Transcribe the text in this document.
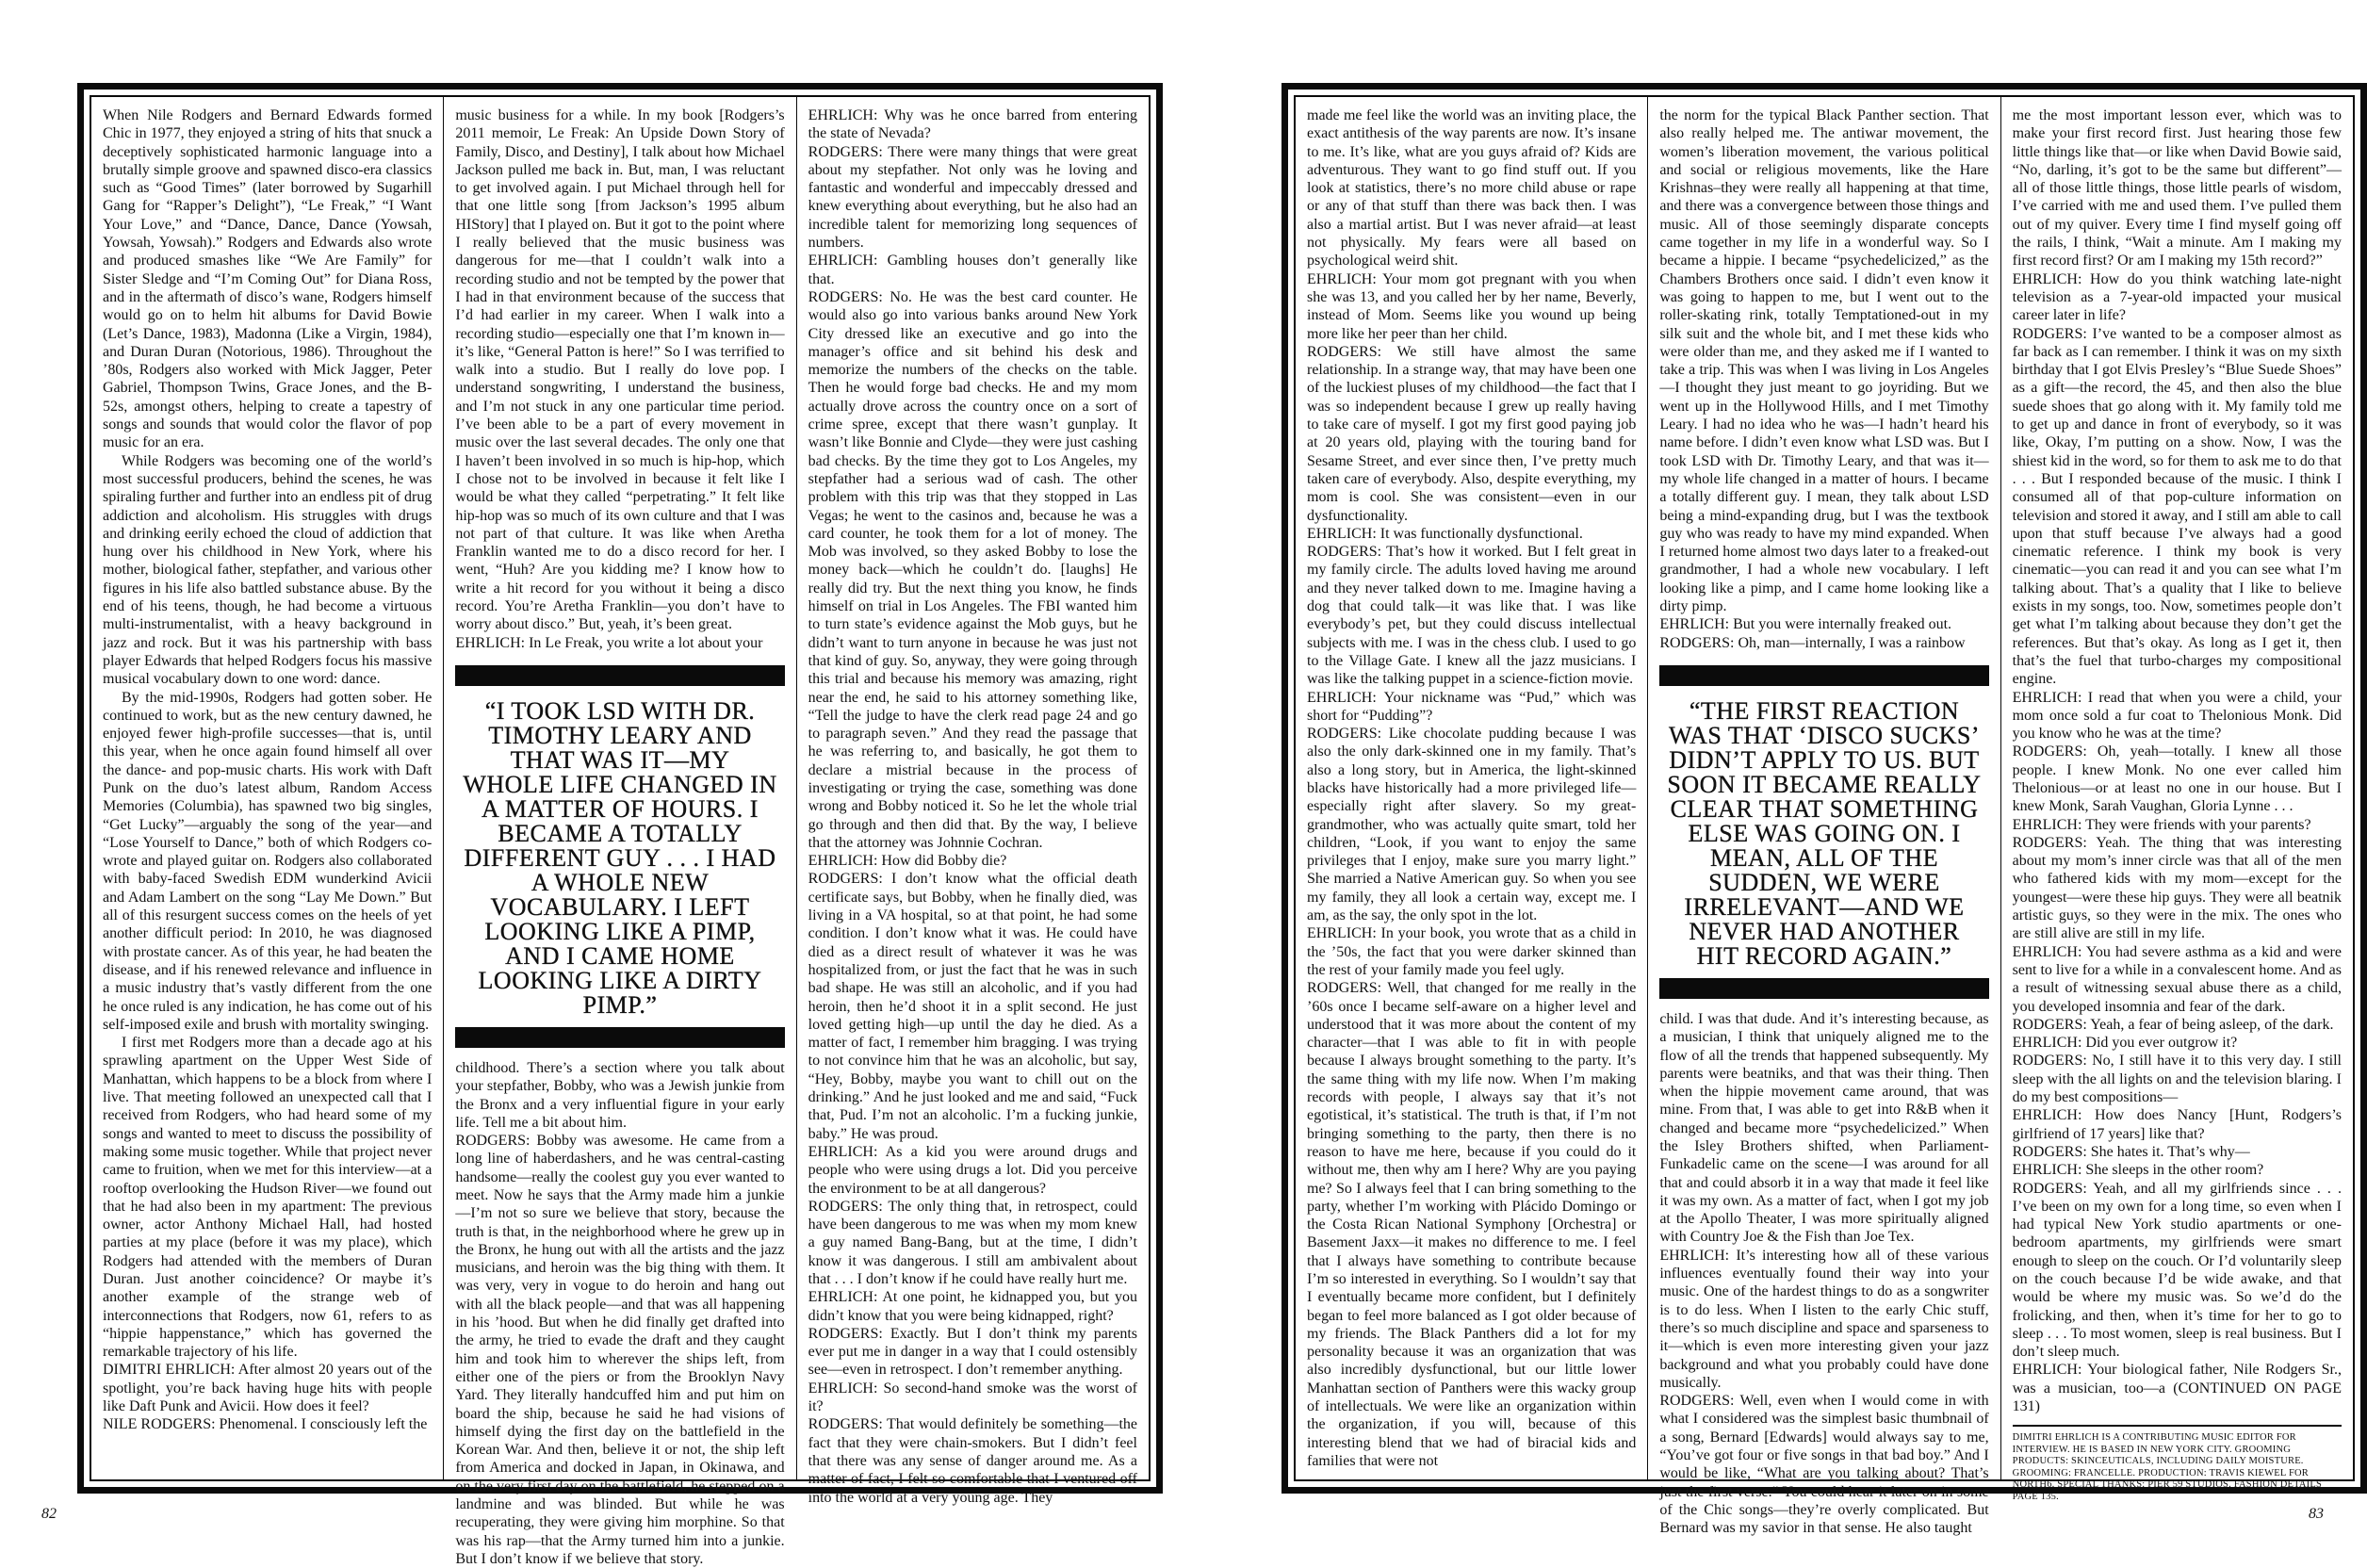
When Nile Rodgers and Bernard Edwards formed Chic in 1977, they enjoyed a string of hits that snuck a deceptively sophisticated harmonic language into a brutally simple groove and spawned disco-era classics such as “Good Times” (later borrowed by Sugarhill Gang for “Rapper’s Delight”), “Le Freak,” “I Want Your Love,” and “Dance, Dance, Dance (Yowsah, Yowsah, Yowsah).” Rodgers and Edwards also wrote and produced smashes like “We Are Family” for Sister Sledge and “I’m Coming Out” for Diana Ross, and in the aftermath of disco’s wane, Rodgers himself would go on to helm hit albums for David Bowie (Let’s Dance, 1983), Madonna (Like a Virgin, 1984), and Duran Duran (Notorious, 1986). Throughout the ’80s, Rodgers also worked with Mick Jagger, Peter Gabriel, Thompson Twins, Grace Jones, and the B-52s, amongst others, helping to create a tapestry of songs and sounds that would color the flavor of pop music for an era.

While Rodgers was becoming one of the world’s most successful producers, behind the scenes, he was spiraling further and further into an endless pit of drug addiction and alcoholism. His struggles with drugs and drinking eerily echoed the cloud of addiction that hung over his childhood in New York, where his mother, biological father, stepfather, and various other figures in his life also battled substance abuse. By the end of his teens, though, he had become a virtuous multi-instrumentalist, with a heavy background in jazz and rock. But it was his partnership with bass player Edwards that helped Rodgers focus his massive musical vocabulary down to one word: dance.

By the mid-1990s, Rodgers had gotten sober. He continued to work, but as the new century dawned, he enjoyed fewer high-profile successes—that is, until this year, when he once again found himself all over the dance- and pop-music charts. His work with Daft Punk on the duo’s latest album, Random Access Memories (Columbia), has spawned two big singles, “Get Lucky”—arguably the song of the year—and “Lose Yourself to Dance,” both of which Rodgers co-wrote and played guitar on. Rodgers also collaborated with baby-faced Swedish EDM wunderkind Avicii and Adam Lambert on the song “Lay Me Down.” But all of this resurgent success comes on the heels of yet another difficult period: In 2010, he was diagnosed with prostate cancer. As of this year, he had beaten the disease, and if his renewed relevance and influence in a music industry that’s vastly different from the one he once ruled is any indication, he has come out of his self-imposed exile and brush with mortality swinging.

I first met Rodgers more than a decade ago at his sprawling apartment on the Upper West Side of Manhattan, which happens to be a block from where I live. That meeting followed an unexpected call that I received from Rodgers, who had heard some of my songs and wanted to meet to discuss the possibility of making some music together. While that project never came to fruition, when we met for this interview—at a rooftop overlooking the Hudson River—we found out that he had also been in my apartment: The previous owner, actor Anthony Michael Hall, had hosted parties at my place (before it was my place), which Rodgers had attended with the members of Duran Duran. Just another coincidence? Or maybe it’s another example of the strange web of interconnections that Rodgers, now 61, refers to as “hippie happenstance,” which has governed the remarkable trajectory of his life.

DIMITRI EHRLICH: After almost 20 years out of the spotlight, you’re back having huge hits with people like Daft Punk and Avicii. How does it feel?

NILE RODGERS: Phenomenal. I consciously left the

music business for a while. In my book [Rodgers’s 2011 memoir, Le Freak: An Upside Down Story of Family, Disco, and Destiny], I talk about how Michael Jackson pulled me back in. But, man, I was reluctant to get involved again. I put Michael through hell for that one little song [from Jackson’s 1995 album HIStory] that I played on. But it got to the point where I really believed that the music business was dangerous for me—that I couldn’t walk into a recording studio and not be tempted by the power that I had in that environment because of the success that I’d had earlier in my career. When I walk into a recording studio—especially one that I’m known in—it’s like, “General Patton is here!” So I was terrified to walk into a studio. But I really do love pop. I understand songwriting, I understand the business, and I’m not stuck in any one particular time period. I’ve been able to be a part of every movement in music over the last several decades. The only one that I haven’t been involved in so much is hip-hop, which I chose not to be involved in because it felt like I would be what they called “perpetrating.” It felt like hip-hop was so much of its own culture and that I was not part of that culture. It was like when Aretha Franklin wanted me to do a disco record for her. I went, “Huh? Are you kidding me? I know how to write a hit record for you without it being a disco record. You’re Aretha Franklin—you don’t have to worry about disco.” But, yeah, it’s been great.

EHRLICH: In Le Freak, you write a lot about your

“I TOOK LSD WITH DR. TIMOTHY LEARY AND THAT WAS IT—MY WHOLE LIFE CHANGED IN A MATTER OF HOURS. I BECAME A TOTALLY DIFFERENT GUY . . . I HAD A WHOLE NEW VOCABULARY. I LEFT LOOKING LIKE A PIMP, AND I CAME HOME LOOKING LIKE A DIRTY PIMP.”

childhood. There’s a section where you talk about your stepfather, Bobby, who was a Jewish junkie from the Bronx and a very influential figure in your early life. Tell me a bit about him.

RODGERS: Bobby was awesome. He came from a long line of haberdashers, and he was central-casting handsome—really the coolest guy you ever wanted to meet. Now he says that the Army made him a junkie—I’m not so sure we believe that story, because the truth is that, in the neighborhood where he grew up in the Bronx, he hung out with all the artists and the jazz musicians, and heroin was the big thing with them. It was very, very in vogue to do heroin and hang out with all the black people—and that was all happening in his ’hood. But when he did finally get drafted into the army, he tried to evade the draft and they caught him and took him to wherever the ships left, from either one of the piers or from the Brooklyn Navy Yard. They literally handcuffed him and put him on board the ship, because he said he had visions of himself dying the first day on the battlefield in the Korean War. And then, believe it or not, the ship left from America and docked in Japan, in Okinawa, and on the very first day on the battlefield, he stepped on a landmine and was blinded. But while he was recuperating, they were giving him morphine. So that was his rap—that the Army turned him into a junkie. But I don’t know if we believe that story.

EHRLICH: Why was he once barred from entering the state of Nevada?

RODGERS: There were many things that were great about my stepfather. Not only was he loving and fantastic and wonderful and impeccably dressed and knew everything about everything, but he also had an incredible talent for memorizing long sequences of numbers.

EHRLICH: Gambling houses don’t generally like that.

RODGERS: No. He was the best card counter. He would also go into various banks around New York City dressed like an executive and go into the manager’s office and sit behind his desk and memorize the numbers of the checks on the table. Then he would forge bad checks. He and my mom actually drove across the country once on a sort of crime spree, except that there wasn’t gunplay. It wasn’t like Bonnie and Clyde—they were just cashing bad checks. By the time they got to Los Angeles, my stepfather had a serious wad of cash. The other problem with this trip was that they stopped in Las Vegas; he went to the casinos and, because he was a card counter, he took them for a lot of money. The Mob was involved, so they asked Bobby to lose the money back—which he couldn’t do. [laughs] He really did try. But the next thing you know, he finds himself on trial in Los Angeles. The FBI wanted him to turn state’s evidence against the Mob guys, but he didn’t want to turn anyone in because he was just not that kind of guy. So, anyway, they were going through this trial and because his memory was amazing, right near the end, he said to his attorney something like, “Tell the judge to have the clerk read page 24 and go to paragraph seven.” And they read the passage that he was referring to, and basically, he got them to declare a mistrial because in the process of investigating or trying the case, something was done wrong and Bobby noticed it. So he let the whole trial go through and then did that. By the way, I believe that the attorney was Johnnie Cochran.

EHRLICH: How did Bobby die?

RODGERS: I don’t know what the official death certificate says, but Bobby, when he finally died, was living in a VA hospital, so at that point, he had some condition. I don’t know what it was. He could have died as a direct result of whatever it was he was hospitalized from, or just the fact that he was in such bad shape. He was still an alcoholic, and if you had heroin, then he’d shoot it in a split second. He just loved getting high—up until the day he died. As a matter of fact, I remember him bragging. I was trying to not convince him that he was an alcoholic, but say, “Hey, Bobby, maybe you want to chill out on the drinking.” And he just looked and me and said, “Fuck that, Pud. I’m not an alcoholic. I’m a fucking junkie, baby.” He was proud.

EHRLICH: As a kid you were around drugs and people who were using drugs a lot. Did you perceive the environment to be at all dangerous?

RODGERS: The only thing that, in retrospect, could have been dangerous to me was when my mom knew a guy named Bang-Bang, but at the time, I didn’t know it was dangerous. I still am ambivalent about that . . . I don’t know if he could have really hurt me.

EHRLICH: At one point, he kidnapped you, but you didn’t know that you were being kidnapped, right?

RODGERS: Exactly. But I don’t think my parents ever put me in danger in a way that I could ostensibly see—even in retrospect. I don’t remember anything.

EHRLICH: So second-hand smoke was the worst of it?

RODGERS: That would definitely be something—the fact that they were chain-smokers. But I didn’t feel that there was any sense of danger around me. As a matter of fact, I felt so comfortable that I ventured off into the world at a very young age. They

82

made me feel like the world was an inviting place, the exact antithesis of the way parents are now. It’s insane to me. It’s like, what are you guys afraid of? Kids are adventurous. They want to go find stuff out. If you look at statistics, there’s no more child abuse or rape or any of that stuff than there was back then. I was also a martial artist. But I was never afraid—at least not physically. My fears were all based on psychological weird shit.

EHRLICH: Your mom got pregnant with you when she was 13, and you called her by her name, Beverly, instead of Mom. Seems like you wound up being more like her peer than her child.

RODGERS: We still have almost the same relationship. In a strange way, that may have been one of the luckiest pluses of my childhood—the fact that I was so independent because I grew up really having to take care of myself. I got my first good paying job at 20 years old, playing with the touring band for Sesame Street, and ever since then, I’ve pretty much taken care of everybody. Also, despite everything, my mom is cool. She was consistent—even in our dysfunctionality.

EHRLICH: It was functionally dysfunctional.

RODGERS: That’s how it worked. But I felt great in my family circle. The adults loved having me around and they never talked down to me. Imagine having a dog that could talk—it was like that. I was like everybody’s pet, but they could discuss intellectual subjects with me. I was in the chess club. I used to go to the Village Gate. I knew all the jazz musicians. I was like the talking puppet in a science-fiction movie.

EHRLICH: Your nickname was “Pud,” which was short for “Pudding”?

RODGERS: Like chocolate pudding because I was also the only dark-skinned one in my family. That’s also a long story, but in America, the light-skinned blacks have historically had a more privileged life—especially right after slavery. So my great-grandmother, who was actually quite smart, told her children, “Look, if you want to enjoy the same privileges that I enjoy, make sure you marry light.” She married a Native American guy. So when you see my family, they all look a certain way, except me. I am, as the say, the only spot in the lot.

EHRLICH: In your book, you wrote that as a child in the ’50s, the fact that you were darker skinned than the rest of your family made you feel ugly.

RODGERS: Well, that changed for me really in the ’60s once I became self-aware on a higher level and understood that it was more about the content of my character—that I was able to fit in with people because I always brought something to the party. It’s the same thing with my life now. When I’m making records with people, I always say that it’s not egotistical, it’s statistical. The truth is that, if I’m not bringing something to the party, then there is no reason to have me here, because if you could do it without me, then why am I here? Why are you paying me? So I always feel that I can bring something to the party, whether I’m working with Plácido Domingo or the Costa Rican National Symphony [Orchestra] or Basement Jaxx—it makes no difference to me. I feel that I always have something to contribute because I’m so interested in everything. So I wouldn’t say that I eventually became more confident, but I definitely began to feel more balanced as I got older because of my friends. The Black Panthers did a lot for my personality because it was an organization that was also incredibly dysfunctional, but our little lower Manhattan section of Panthers were this wacky group of intellectuals. We were like an organization within the organization, if you will, because of this interesting blend that we had of biracial kids and families that were not

the norm for the typical Black Panther section. That also really helped me. The antiwar movement, the women’s liberation movement, the various political and social or religious movements, like the Hare Krishnas–they were really all happening at that time, and there was a convergence between those things and music. All of those seemingly disparate concepts came together in my life in a wonderful way. So I became a hippie. I became “psychedelicized,” as the Chambers Brothers once said. I didn’t even know it was going to happen to me, but I went out to the roller-skating rink, totally Temptationed-out in my silk suit and the whole bit, and I met these kids who were older than me, and they asked me if I wanted to take a trip. This was when I was living in Los Angeles—I thought they just meant to go joyriding. But we went up in the Hollywood Hills, and I met Timothy Leary. I had no idea who he was—I hadn’t heard his name before. I didn’t even know what LSD was. But I took LSD with Dr. Timothy Leary, and that was it—my whole life changed in a matter of hours. I became a totally different guy. I mean, they talk about LSD being a mind-expanding drug, but I was the textbook guy who was ready to have my mind expanded. When I returned home almost two days later to a freaked-out grandmother, I had a whole new vocabulary. I left looking like a pimp, and I came home looking like a dirty pimp.

EHRLICH: But you were internally freaked out.

RODGERS: Oh, man—internally, I was a rainbow

“THE FIRST REACTION WAS THAT ‘DISCO SUCKS’ DIDN’T APPLY TO US. BUT SOON IT BECAME REALLY CLEAR THAT SOMETHING ELSE WAS GOING ON. I MEAN, ALL OF THE SUDDEN, WE WERE IRRELEVANT—AND WE NEVER HAD ANOTHER HIT RECORD AGAIN.”

child. I was that dude. And it’s interesting because, as a musician, I think that uniquely aligned me to the flow of all the trends that happened subsequently. My parents were beatniks, and that was their thing. Then when the hippie movement came around, that was mine. From that, I was able to get into R&B when it changed and became more “psychedelicized.” When the Isley Brothers shifted, when Parliament-Funkadelic came on the scene—I was around for all that and could absorb it in a way that made it feel like it was my own. As a matter of fact, when I got my job at the Apollo Theater, I was more spiritually aligned with Country Joe & the Fish than Joe Tex.

EHRLICH: It’s interesting how all of these various influences eventually found their way into your music. One of the hardest things to do as a songwriter is to do less. When I listen to the early Chic stuff, there’s so much discipline and space and sparseness to it—which is even more interesting given your jazz background and what you probably could have done musically.

RODGERS: Well, even when I would come in with what I considered was the simplest basic thumbnail of a song, Bernard [Edwards] would always say to me, “You’ve got four or five songs in that bad boy.” And I would be like, “What are you talking about? That’s just the first verse.” You could hear it later on in some of the Chic songs—they’re overly complicated. But Bernard was my savior in that sense. He also taught

me the most important lesson ever, which was to make your first record first. Just hearing those few little things like that—or like when David Bowie said, “No, darling, it’s got to be the same but different”—all of those little things, those little pearls of wisdom, I’ve carried with me and used them. I’ve pulled them out of my quiver. Every time I find myself going off the rails, I think, “Wait a minute. Am I making my first record first? Or am I making my 15th record?”

EHRLICH: How do you think watching late-night television as a 7-year-old impacted your musical career later in life?

RODGERS: I’ve wanted to be a composer almost as far back as I can remember. I think it was on my sixth birthday that I got Elvis Presley’s “Blue Suede Shoes” as a gift—the record, the 45, and then also the blue suede shoes that go along with it. My family told me to get up and dance in front of everybody, so it was like, Okay, I’m putting on a show. Now, I was the shiest kid in the word, so for them to ask me to do that . . . But I responded because of the music. I think I consumed all of that pop-culture information on television and stored it away, and I still am able to call upon that stuff because I’ve always had a good cinematic reference. I think my book is very cinematic—you can read it and you can see what I’m talking about. That’s a quality that I like to believe exists in my songs, too. Now, sometimes people don’t get what I’m talking about because they don’t get the references. But that’s okay. As long as I get it, then that’s the fuel that turbo-charges my compositional engine.

EHRLICH: I read that when you were a child, your mom once sold a fur coat to Thelonious Monk. Did you know who he was at the time?

RODGERS: Oh, yeah—totally. I knew all those people. I knew Monk. No one ever called him Thelonious—or at least no one in our house. But I knew Monk, Sarah Vaughan, Gloria Lynne . . .

EHRLICH: They were friends with your parents?

RODGERS: Yeah. The thing that was interesting about my mom’s inner circle was that all of the men who fathered kids with my mom—except for the youngest—were these hip guys. They were all beatnik artistic guys, so they were in the mix. The ones who are still alive are still in my life.

EHRLICH: You had severe asthma as a kid and were sent to live for a while in a convalescent home. And as a result of witnessing sexual abuse there as a child, you developed insomnia and fear of the dark.

RODGERS: Yeah, a fear of being asleep, of the dark.

EHRLICH: Did you ever outgrow it?

RODGERS: No, I still have it to this very day. I still sleep with the all lights on and the television blaring. I do my best compositions—

EHRLICH: How does Nancy [Hunt, Rodgers’s girlfriend of 17 years] like that?

RODGERS: She hates it. That’s why—

EHRLICH: She sleeps in the other room?

RODGERS: Yeah, and all my girlfriends since . . . I’ve been on my own for a long time, so even when I had typical New York studio apartments or one-bedroom apartments, my girlfriends were smart enough to sleep on the couch. Or I’d voluntarily sleep on the couch because I’d be wide awake, and that would be where my music was. So we’d do the frolicking, and then, when it’s time for her to go to sleep . . . To most women, sleep is real business. But I don’t sleep much.

EHRLICH: Your biological father, Nile Rodgers Sr., was a musician, too—a (CONTINUED ON PAGE 131)

DIMITRI EHRLICH IS A CONTRIBUTING MUSIC EDITOR FOR INTERVIEW. HE IS BASED IN NEW YORK CITY. GROOMING PRODUCTS: SKINCEUTICALS, INCLUDING DAILY MOISTURE. GROOMING: FRANCELLE. PRODUCTION: TRAVIS KIEWEL FOR NORTH6. SPECIAL THANKS: PIER 59 STUDIOS. FASHION DETAILS PAGE 135.
83
